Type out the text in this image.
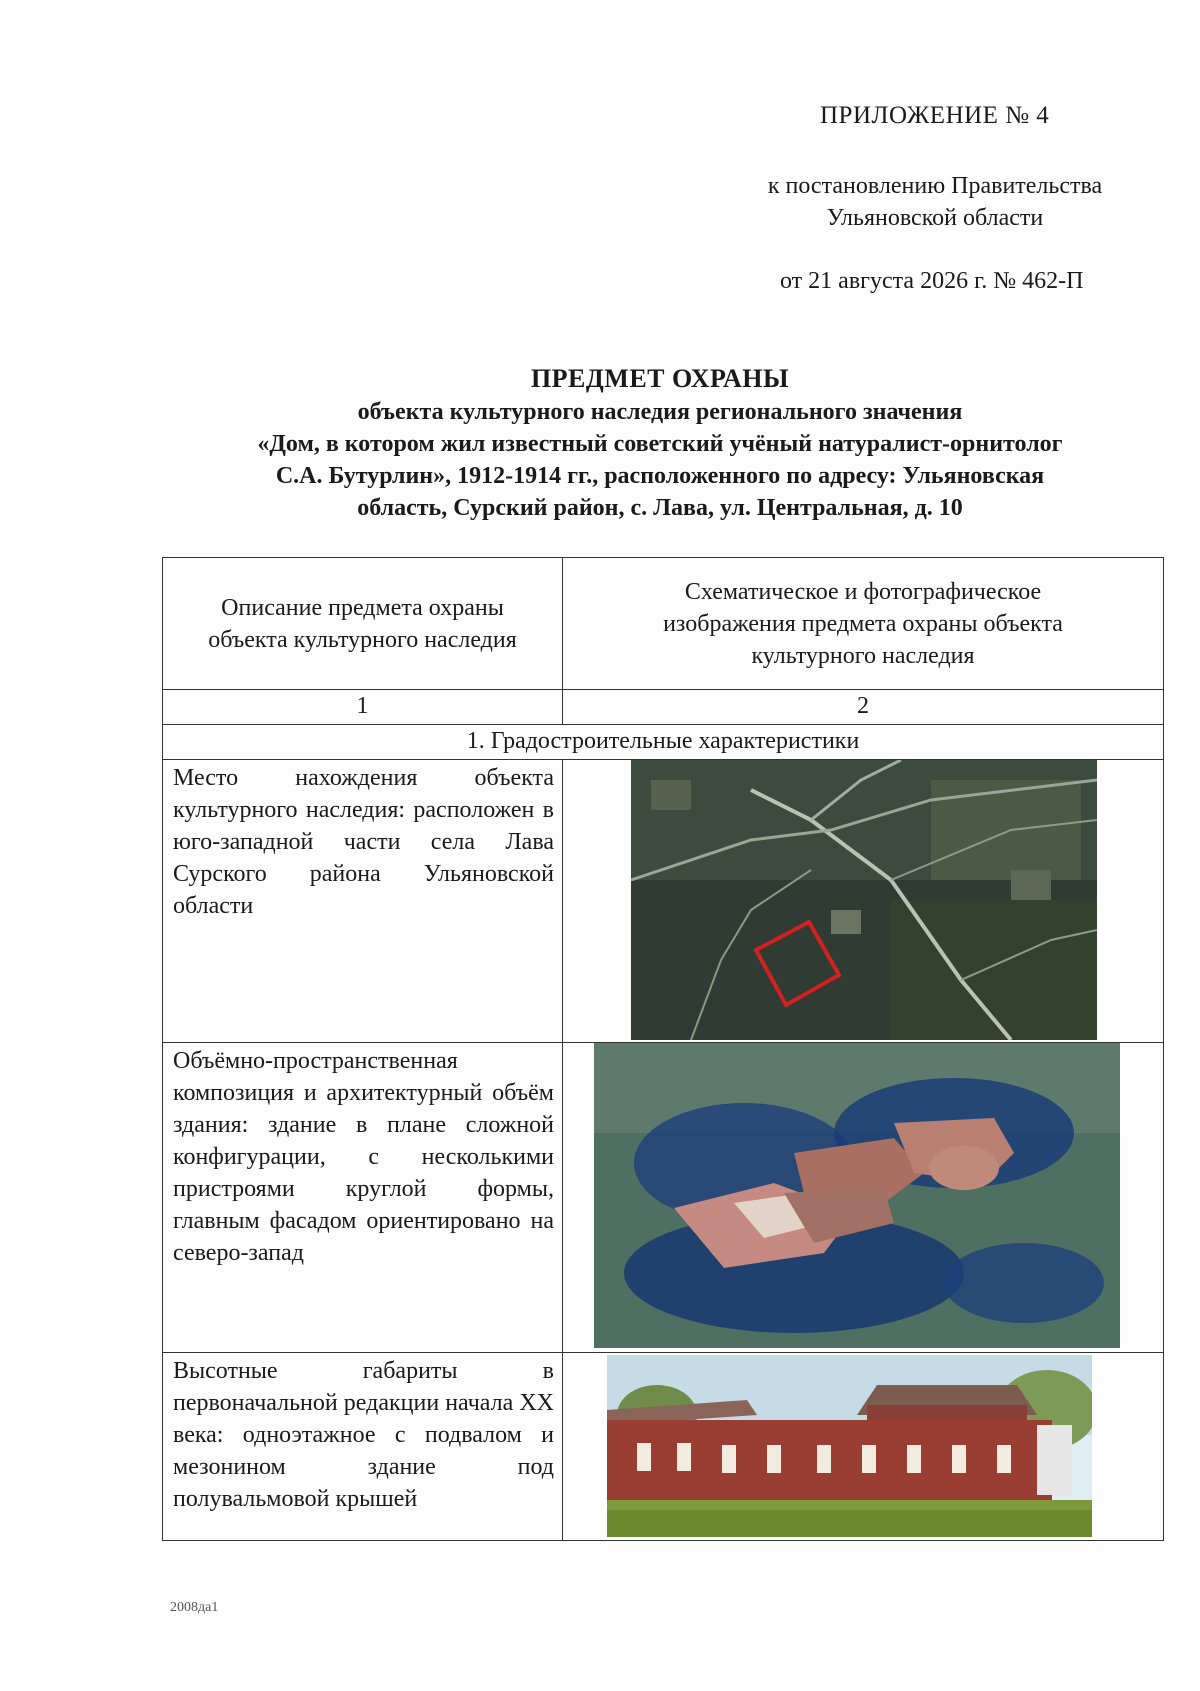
ПРИЛОЖЕНИЕ № 4
к постановлению Правительства
Ульяновской области
от 21 августа 2026 г. № 462-П
ПРЕДМЕТ ОХРАНЫ
объекта культурного наследия регионального значения
«Дом, в котором жил известный советский учёный натуралист-орнитолог
С.А. Бутурлин», 1912-1914 гг., расположенного по адресу: Ульяновская
область, Сурский район, с. Лава, ул. Центральная, д. 10
Описание предмета охраны объекта культурного наследия	Схематическое и фотографическое изображения предмета охраны объекта культурного наследия
1	2
1. Градостроительные характеристики	
Место нахождения объекта культурного наследия: расположен в юго-западной части села Лава Сурского района Ульяновской области	

Объёмно-пространственная композиция и архитектурный объём здания: здание в плане сложной конфигурации, с несколькими пристроями круглой формы, главным фасадом ориентировано на северо-запад	

Высотные габариты в первоначальной редакции начала XX века: одноэтажное с подвалом и мезонином здание под полувальмовой крышей	
2008да1
